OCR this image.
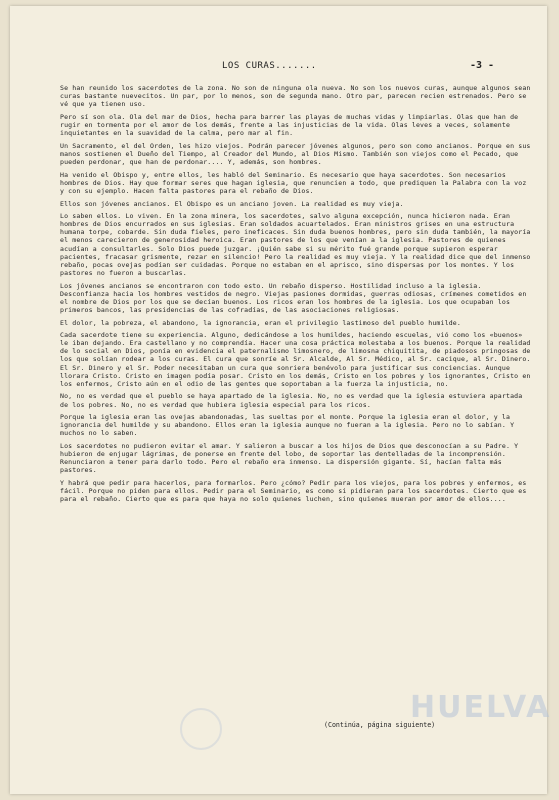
LOS CURAS.......	-3 -

Se han reunido los sacerdotes de la zona. No son de ninguna ola nueva. No son los nuevos curas, aunque algunos sean curas bastante nuevecitos. Un par, por lo menos, son de segunda mano. Otro par, parecen recien estrenados. Pero se vé que ya tienen uso.

Pero sí son ola. Ola del mar de Dios, hecha para barrer las playas de muchas vidas y limpiarlas. Olas que han de rugir en tormenta por el amor de los demás, frente a las injusticias de la vida. Olas leves a veces, solamente inquietantes en la suavidad de la calma, pero mar al fin.

Un Sacramento, el del Orden, les hizo viejos. Podrán parecer jóvenes algunos, pero son como ancianos. Porque en sus manos sostienen el Dueño del Tiempo, al Creador del Mundo, al Dios Mismo. También son viejos como el Pecado, que pueden perdonar, que han de perdonar.... Y, además, son hombres.

Ha venido el Obispo y, entre ellos, les habló del Seminario. Es necesario que haya sacerdotes. Son necesarios hombres de Dios. Hay que formar seres que hagan iglesia, que renuncien a todo, que prediquen la Palabra con la voz y con su ejemplo. Hacen falta pastores para el rebaño de Dios.

Ellos son jóvenes ancianos. El Obispo es un anciano joven. La realidad es muy vieja.

Lo saben ellos. Lo viven. En la zona minera, los sacerdotes, salvo alguna excepción, nunca hicieron nada. Eran hombres de Dios encurrados en sus iglesias. Eran soldados acuartelados. Eran ministros grises en una estructura humana torpe, cobarde. Sin duda fieles, pero ineficaces. Sin duda buenos hombres, pero sin duda también, la mayoría el menos carecieron de generosidad heroica. Eran pastores de los que venían a la iglesia. Pastores de quienes acudían a consultarles. Solo Dios puede juzgar. ¡Quién sabe si su mérito fué grande porque supieron esperar pacientes, fracasar grismente, rezar en silencio! Pero la realidad es muy vieja. Y la realidad dice que del inmenso rebaño, pocas ovejas podían ser cuidadas. Porque no estaban en el aprisco, sino dispersas por los montes. Y los pastores no fueron a buscarlas.

Los jóvenes ancianos se encontraron con todo esto. Un rebaño disperso. Hostilidad incluso a la iglesia. Desconfianza hacia los hombres vestidos de negro. Viejas pasiones dormidas, guerras odiosas, crímenes cometidos en el nombre de Dios por los que se decían buenos. Los ricos eran los hombres de la iglesia. Los que ocupaban los primeros bancos, las presidencias de las cofradías, de las asociaciones religiosas.

El dolor, la pobreza, el abandono, la ignorancia, eran el privilegio lastimoso del pueblo humilde.

Cada sacerdote tiene su experiencia. Alguno, dedicándose a los humildes, haciendo escuelas, vió como los «buenos» le iban dejando. Era castellano y no comprendía. Hacer una cosa práctica molestaba a los buenos. Porque la realidad de lo social en Dios, ponía en evidencia el paternalismo limosnero, de limosna chiquitita, de piadosos pringosas de los que solían rodear a los curas. El cura que sonríe al Sr. Alcalde, Al Sr. Médico, al Sr. cacique, al Sr. Dinero. El Sr. Dinero y el Sr. Poder necesitaban un cura que sonriera benévolo para justificar sus conciencias. Aunque llorara Cristo. Cristo en imagen podía posar. Cristo en los demás, Cristo en los pobres y los ignorantes, Cristo en los enfermos, Cristo aún en el odio de las gentes que soportaban a la fuerza la injusticia, no.

No, no es verdad que el pueblo se haya apartado de la iglesia. No, no es verdad que la iglesia estuviera apartada de los pobres. No, no es verdad que hubiera iglesia especial para los ricos.

Porque la iglesia eran las ovejas abandonadas, las sueltas por el monte. Porque la iglesia eran el dolor, y la ignorancia del humilde y su abandono. Ellos eran la iglesia aunque no fueran a la iglesia. Pero no lo sabían. Y muchos no lo saben.

Los sacerdotes no pudieron evitar el amar. Y salieron a buscar a los hijos de Dios que desconocían a su Padre. Y hubieron de enjugar lágrimas, de ponerse en frente del lobo, de soportar las dentelladas de la incomprensión. Renunciaron a tener para darlo todo. Pero el rebaño era inmenso. La dispersión gigante. Sí, hacían falta más pastores.

Y habrá que pedir para hacerlos, para formarlos. Pero ¿cómo? Pedir para los viejos, para los pobres y enfermos, es fácil. Porque no piden para ellos. Pedir para el Seminario, es como si pidieran para los sacerdotes. Cierto que es para el rebaño. Cierto que es para que haya no solo quienes luchen, sino quienes mueran por amor de ellos....

(Continúa, página siguiente)
HUELVA
